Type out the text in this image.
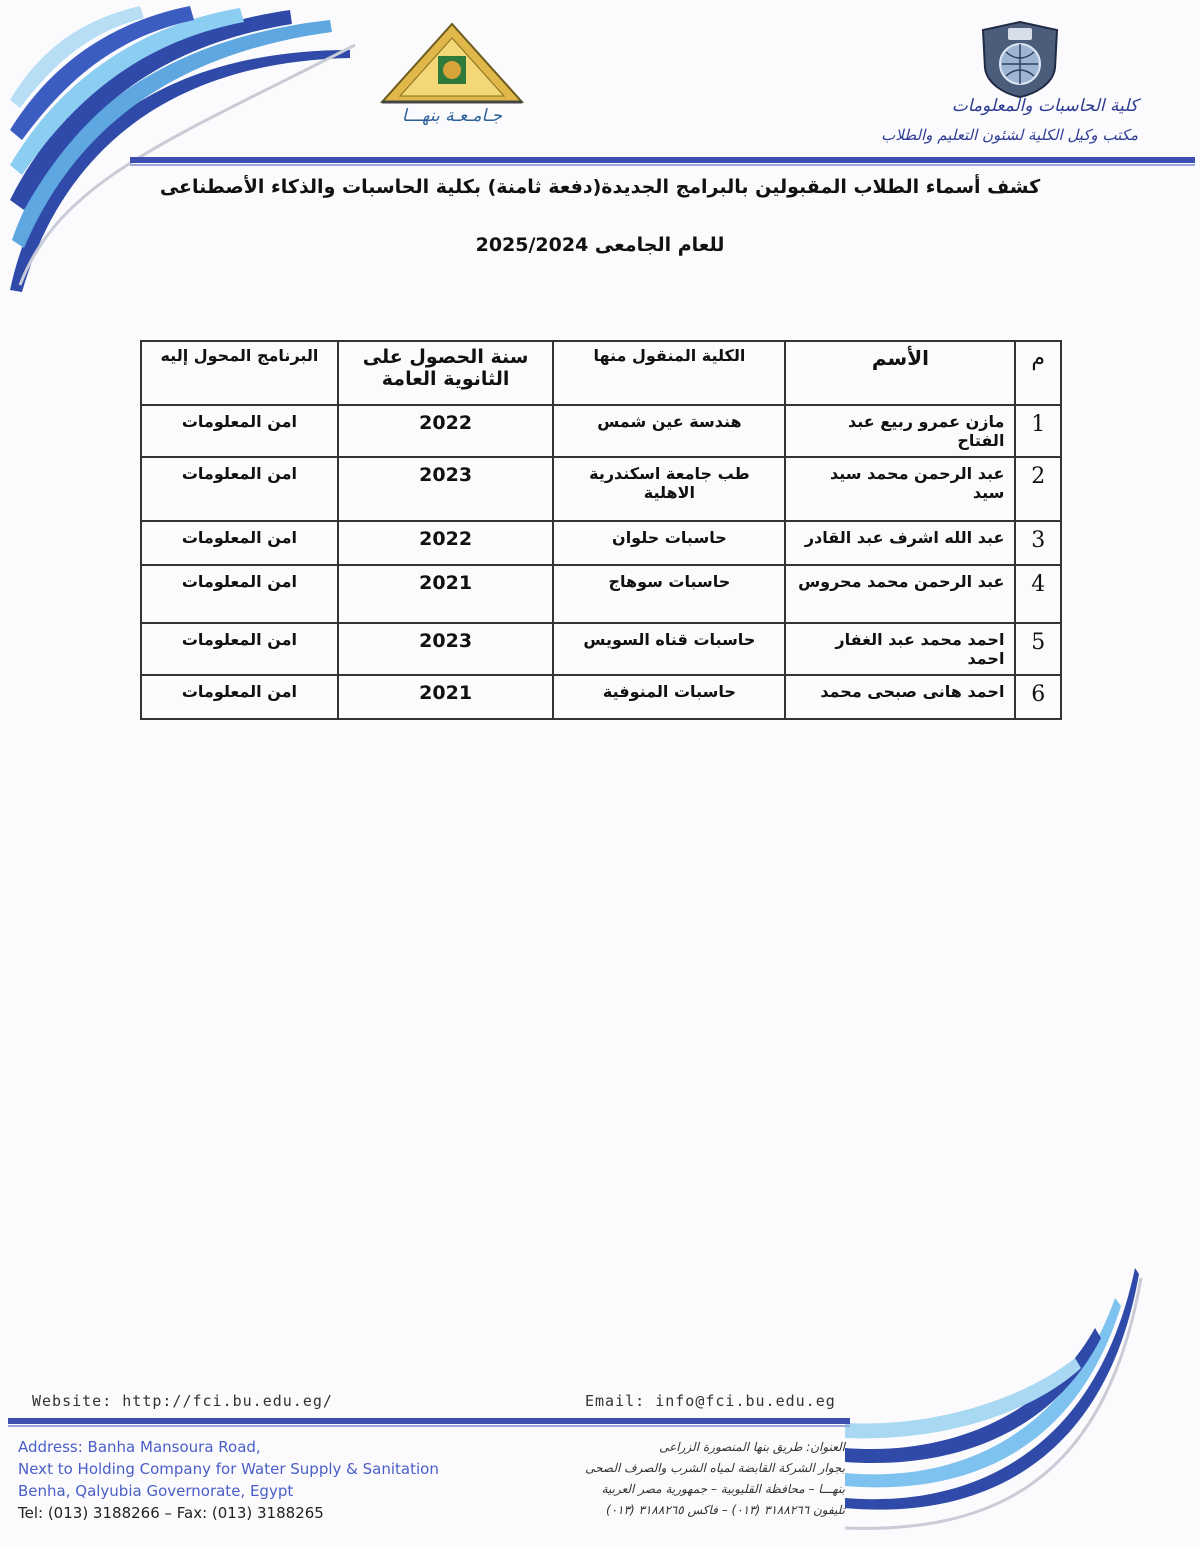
جـامـعـة بنهـــا	كلية الحاسبات والمعلومات
مكتب وكيل الكلية لشئون التعليم والطلاب
كشف أسماء الطلاب المقبولين بالبرامج الجديدة(دفعة ثامنة) بكلية الحاسبات والذكاء الأصطناعى
للعام الجامعى 2025/2024
م	الأسم	الكلية المنقول منها	سنة الحصول على الثانوية العامة	البرنامج المحول إليه
1	مازن عمرو ربيع عبد الفتاح	هندسة عين شمس	2022	امن المعلومات
2	عبد الرحمن محمد سيد سيد	طب جامعة اسكندرية الاهلية	2023	امن المعلومات
3	عبد الله اشرف عبد القادر	حاسبات حلوان	2022	امن المعلومات
4	عبد الرحمن محمد محروس	حاسبات سوهاج	2021	امن المعلومات
5	احمد محمد عبد الغفار احمد	حاسبات قناه السويس	2023	امن المعلومات
6	احمد هانى صبحى محمد	حاسبات المنوفية	2021	امن المعلومات
Website: http://fci.bu.edu.eg/	Email: info@fci.bu.edu.eg
Address: Banha Mansoura Road,
Next to Holding Company for Water Supply & Sanitation
Benha, Qalyubia Governorate, Egypt
Tel: (013) 3188266 – Fax: (013) 3188265
العنوان: طريق بنها المنصورة الزراعى
بجوار الشركة القابضة لمياه الشرب والصرف الصحى
بنهـــا – محافظة القليوبية – جمهورية مصر العربية
تليفون ٣١٨٨٢٦٦ (٠١٣) – فاكس ٣١٨٨٢٦٥ (٠١٣)
